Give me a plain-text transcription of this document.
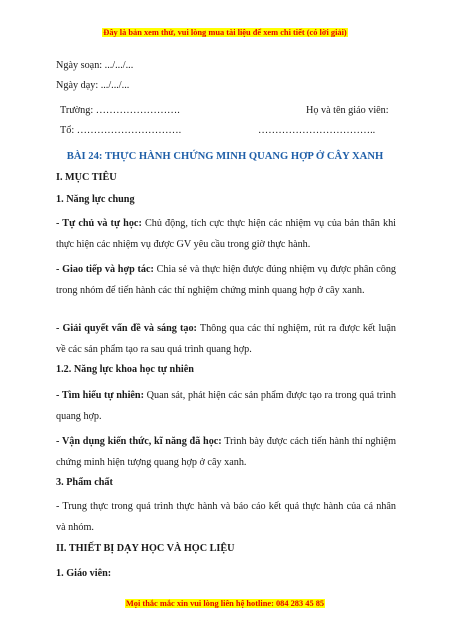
Đây là bản xem thử, vui lòng mua tài liệu để xem chi tiết (có lời giải)
Ngày soạn: .../.../...
Ngày dạy: .../.../...
Trường: …………………….	Họ và tên giáo viên:
Tổ: ………………………….	……………………………..
BÀI 24: THỰC HÀNH CHỨNG MINH QUANG HỢP Ở CÂY XANH
I. MỤC TIÊU
1. Năng lực chung
- Tự chủ và tự học: Chủ động, tích cực thực hiện các nhiệm vụ của bản thân khi thực hiện các nhiệm vụ được GV yêu cầu trong giờ thực hành.
- Giao tiếp và hợp tác: Chia sẻ và thực hiện được đúng nhiệm vụ được phân công trong nhóm để tiến hành các thí nghiệm chứng minh quang hợp ở cây xanh.
- Giải quyết vấn đề và sáng tạo: Thông qua các thí nghiệm, rút ra được kết luận về các sản phẩm tạo ra sau quá trình quang hợp.
1.2. Năng lực khoa học tự nhiên
- Tìm hiểu tự nhiên: Quan sát, phát hiện các sản phẩm được tạo ra trong quá trình quang hợp.
- Vận dụng kiến thức, kĩ năng đã học: Trình bày được cách tiến hành thí nghiệm chứng minh hiện tượng quang hợp ở cây xanh.
3. Phẩm chất
- Trung thực trong quá trình thực hành và báo cáo kết quả thực hành của cá nhân và nhóm.
II. THIẾT BỊ DẠY HỌC VÀ HỌC LIỆU
1. Giáo viên:
Mọi thắc mắc xin vui lòng liên hệ hotline: 084 283 45 85
